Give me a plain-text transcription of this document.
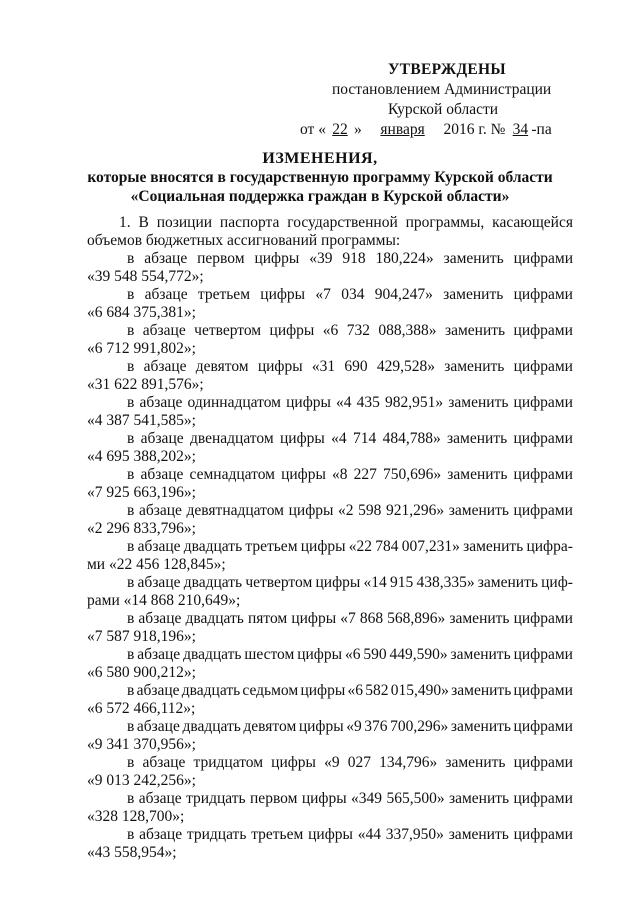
УТВЕРЖДЕНЫ
постановлением Администрации
Курской области
от « 22 » января 2016 г. № 34 -па
ИЗМЕНЕНИЯ,
которые вносятся в государственную программу Курской области
«Социальная поддержка граждан в Курской области»
1. В позиции паспорта государственной программы, касающейся
объемов бюджетных ассигнований программы:
в абзаце первом цифры «39 918 180,224» заменить цифрами
«39 548 554,772»;
в абзаце третьем цифры «7 034 904,247» заменить цифрами
«6 684 375,381»;
в абзаце четвертом цифры «6 732 088,388» заменить цифрами
«6 712 991,802»;
в абзаце девятом цифры «31 690 429,528» заменить цифрами
«31 622 891,576»;
в абзаце одиннадцатом цифры «4 435 982,951» заменить цифрами
«4 387 541,585»;
в абзаце двенадцатом цифры «4 714 484,788» заменить цифрами
«4 695 388,202»;
в абзаце семнадцатом цифры «8 227 750,696» заменить цифрами
«7 925 663,196»;
в абзаце девятнадцатом цифры «2 598 921,296» заменить цифрами
«2 296 833,796»;
в абзаце двадцать третьем цифры «22 784 007,231» заменить цифра-
ми «22 456 128,845»;
в абзаце двадцать четвертом цифры «14 915 438,335» заменить циф-
рами «14 868 210,649»;
в абзаце двадцать пятом цифры «7 868 568,896» заменить цифрами
«7 587 918,196»;
в абзаце двадцать шестом цифры «6 590 449,590» заменить цифрами
«6 580 900,212»;
в абзаце двадцать седьмом цифры «6 582 015,490» заменить цифрами
«6 572 466,112»;
в абзаце двадцать девятом цифры «9 376 700,296» заменить цифрами
«9 341 370,956»;
в абзаце тридцатом цифры «9 027 134,796» заменить цифрами
«9 013 242,256»;
в абзаце тридцать первом цифры «349 565,500» заменить цифрами
«328 128,700»;
в абзаце тридцать третьем цифры «44 337,950» заменить цифрами
«43 558,954»;
